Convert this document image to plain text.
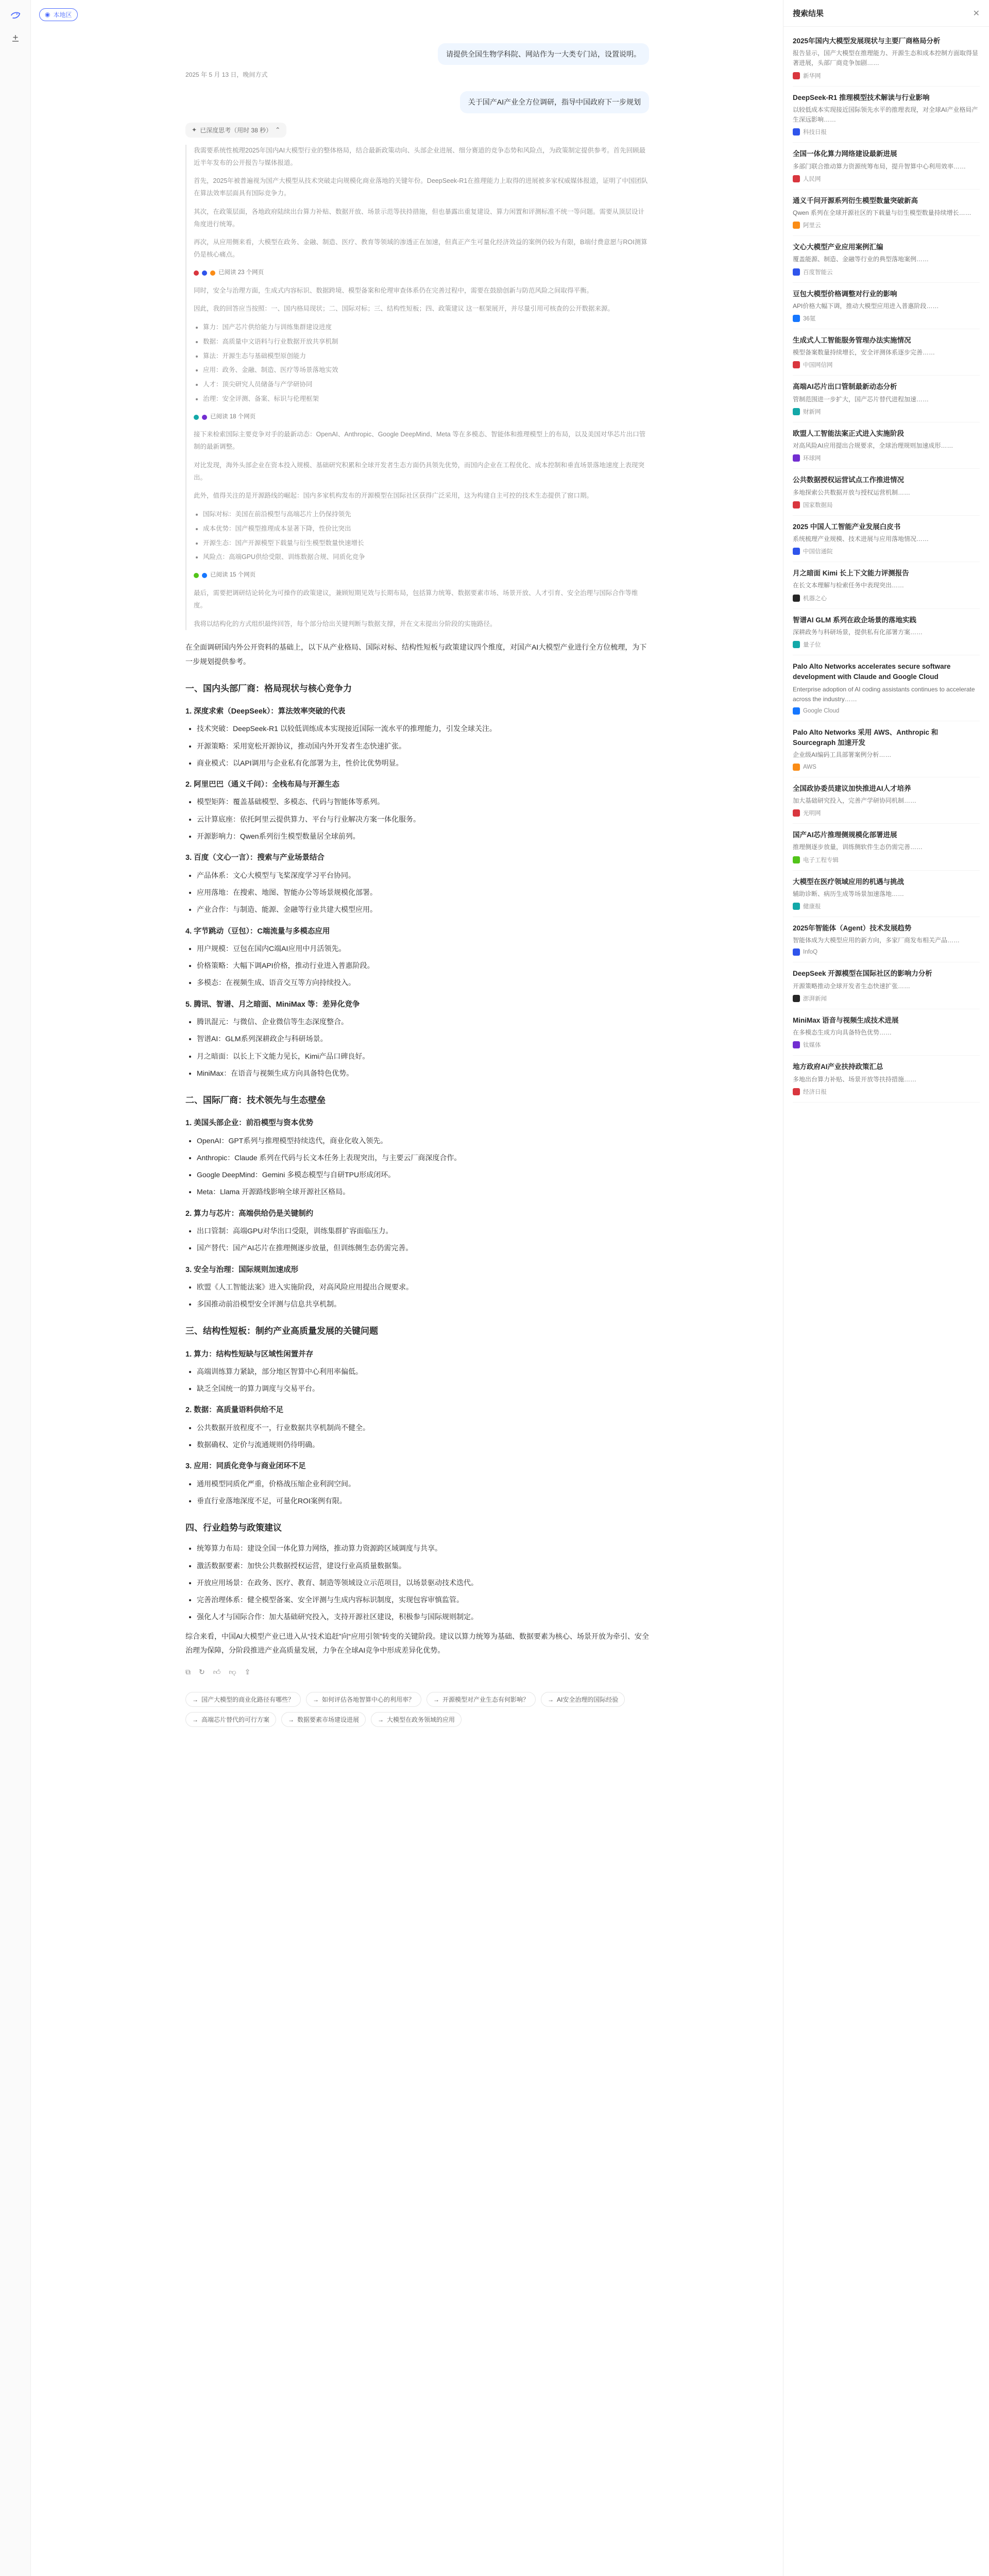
◉ 本地区
请提供全国生物学科院、网站作为一大类专门站，设置说明。
2025 年 5 月 13 日，晚间方式
关于国产AI产业全方位调研，指导中国政府下一步规划
✦ 已深度思考（用时 38 秒） ⌃

我需要系统性梳理2025年国内AI大模型行业的整体格局，结合最新政策动向、头部企业进展、细分赛道的竞争态势和风险点，为政策制定提供参考。首先回顾最近半年发布的公开报告与媒体报道。

首先，2025年被普遍视为国产大模型从技术突破走向规模化商业落地的关键年份。DeepSeek-R1在推理能力上取得的进展被多家权威媒体报道，证明了中国团队在算法效率层面具有国际竞争力。

其次，在政策层面，各地政府陆续出台算力补贴、数据开放、场景示范等扶持措施，但也暴露出重复建设、算力闲置和评测标准不统一等问题。需要从顶层设计角度进行统筹。

再次，从应用侧来看，大模型在政务、金融、制造、医疗、教育等领域的渗透正在加速，但真正产生可量化经济效益的案例仍较为有限，B端付费意愿与ROI测算仍是核心痛点。

已阅读 23 个网页

同时，安全与治理方面，生成式内容标识、数据跨境、模型备案和伦理审查体系仍在完善过程中，需要在鼓励创新与防范风险之间取得平衡。

因此，我的回答应当按照：一、国内格局现状；二、国际对标；三、结构性短板；四、政策建议 这一框架展开，并尽量引用可核查的公开数据来源。

• 算力：国产芯片供给能力与训练集群建设进度
• 数据：高质量中文语料与行业数据开放共享机制
• 算法：开源生态与基础模型原创能力
• 应用：政务、金融、制造、医疗等场景落地实效
• 人才：顶尖研究人员储备与产学研协同
• 治理：安全评测、备案、标识与伦理框架
已阅读 18 个网页

接下来检索国际主要竞争对手的最新动态：OpenAI、Anthropic、Google DeepMind、Meta 等在多模态、智能体和推理模型上的布局，以及美国对华芯片出口管制的最新调整。

对比发现，海外头部企业在资本投入规模、基础研究积累和全球开发者生态方面仍具领先优势，而国内企业在工程优化、成本控制和垂直场景落地速度上表现突出。

此外，值得关注的是开源路线的崛起：国内多家机构发布的开源模型在国际社区获得广泛采用，这为构建自主可控的技术生态提供了窗口期。

• 国际对标：美国在前沿模型与高端芯片上仍保持领先
• 成本优势：国产模型推理成本显著下降，性价比突出
• 开源生态：国产开源模型下载量与衍生模型数量快速增长
• 风险点：高端GPU供给受限、训练数据合规、同质化竞争
已阅读 15 个网页

最后，需要把调研结论转化为可操作的政策建议，兼顾短期见效与长期布局，包括算力统筹、数据要素市场、场景开放、人才引育、安全治理与国际合作等维度。

我将以结构化的方式组织最终回答，每个部分给出关键判断与数据支撑，并在文末提出分阶段的实施路径。

在全面调研国内外公开资料的基础上，以下从产业格局、国际对标、结构性短板与政策建议四个维度，对国产AI大模型产业进行全方位梳理，为下一步规划提供参考。

一、国内头部厂商：格局现状与核心竞争力
1. 深度求索（DeepSeek）：算法效率突破的代表
• 技术突破：DeepSeek-R1 以较低训练成本实现接近国际一流水平的推理能力，引发全球关注。
• 开源策略：采用宽松开源协议，推动国内外开发者生态快速扩张。
• 商业模式：以API调用与企业私有化部署为主，性价比优势明显。
2. 阿里巴巴（通义千问）：全栈布局与开源生态
• 模型矩阵：覆盖基础模型、多模态、代码与智能体等系列。
• 云计算底座：依托阿里云提供算力、平台与行业解决方案一体化服务。
• 开源影响力：Qwen系列衍生模型数量居全球前列。
3. 百度（文心一言）：搜索与产业场景结合
• 产品体系：文心大模型与飞桨深度学习平台协同。
• 应用落地：在搜索、地图、智能办公等场景规模化部署。
• 产业合作：与制造、能源、金融等行业共建大模型应用。
4. 字节跳动（豆包）：C端流量与多模态应用
• 用户规模：豆包在国内C端AI应用中月活领先。
• 价格策略：大幅下调API价格，推动行业进入普惠阶段。
• 多模态：在视频生成、语音交互等方向持续投入。
5. 腾讯、智谱、月之暗面、MiniMax 等：差异化竞争
• 腾讯混元：与微信、企业微信等生态深度整合。
• 智谱AI：GLM系列深耕政企与科研场景。
• 月之暗面：以长上下文能力见长，Kimi产品口碑良好。
• MiniMax：在语音与视频生成方向具备特色优势。
二、国际厂商：技术领先与生态壁垒
1. 美国头部企业：前沿模型与资本优势
• OpenAI：GPT系列与推理模型持续迭代，商业化收入领先。
• Anthropic：Claude 系列在代码与长文本任务上表现突出，与主要云厂商深度合作。
• Google DeepMind：Gemini 多模态模型与自研TPU形成闭环。
• Meta：Llama 开源路线影响全球开源社区格局。
2. 算力与芯片：高端供给仍是关键制约
• 出口管制：高端GPU对华出口受限，训练集群扩容面临压力。
• 国产替代：国产AI芯片在推理侧逐步放量，但训练侧生态仍需完善。
3. 安全与治理：国际规则加速成形
• 欧盟《人工智能法案》进入实施阶段，对高风险应用提出合规要求。
• 多国推动前沿模型安全评测与信息共享机制。
三、结构性短板：制约产业高质量发展的关键问题
1. 算力：结构性短缺与区域性闲置并存
• 高端训练算力紧缺，部分地区智算中心利用率偏低。
• 缺乏全国统一的算力调度与交易平台。
2. 数据：高质量语料供给不足
• 公共数据开放程度不一，行业数据共享机制尚不健全。
• 数据确权、定价与流通规则仍待明确。
3. 应用：同质化竞争与商业闭环不足
• 通用模型同质化严重，价格战压缩企业利润空间。
• 垂直行业落地深度不足，可量化ROI案例有限。
四、行业趋势与政策建议
• 统筹算力布局：建设全国一体化算力网络，推动算力资源跨区域调度与共享。
• 激活数据要素：加快公共数据授权运营，建设行业高质量数据集。
• 开放应用场景：在政务、医疗、教育、制造等领域设立示范项目，以场景驱动技术迭代。
• 完善治理体系：健全模型备案、安全评测与生成内容标识制度，实现包容审慎监管。
• 强化人才与国际合作：加大基础研究投入，支持开源社区建设，积极参与国际规则制定。

综合来看，中国AI大模型产业已进入从“技术追赶”向“应用引领”转变的关键阶段。建议以算力统筹为基础、数据要素为核心、场景开放为牵引、安全治理为保障，分阶段推进产业高质量发展，力争在全球AI竞争中形成差异化优势。

⧉ ↻ 👍︎ 👎︎ ⇪
→ 国产大模型的商业化路径有哪些？	→ 如何评估各地智算中心的利用率？	→ 开源模型对产业生态有何影响？	→ AI安全治理的国际经验
→ 高端芯片替代的可行方案	→ 数据要素市场建设进展	→ 大模型在政务领域的应用
搜索结果	✕
2025年国内大模型发展现状与主要厂商格局分析
报告显示，国产大模型在推理能力、开源生态和成本控制方面取得显著进展，头部厂商竞争加剧……
新华网
DeepSeek-R1 推理模型技术解读与行业影响
以较低成本实现接近国际领先水平的推理表现，对全球AI产业格局产生深远影响……
科技日报
全国一体化算力网络建设最新进展
多部门联合推动算力资源统筹布局，提升智算中心利用效率……
人民网
通义千问开源系列衍生模型数量突破新高
Qwen 系列在全球开源社区的下载量与衍生模型数量持续增长……
阿里云
文心大模型产业应用案例汇编
覆盖能源、制造、金融等行业的典型落地案例……
百度智能云
豆包大模型价格调整对行业的影响
API价格大幅下调，推动大模型应用进入普惠阶段……
36氪
生成式人工智能服务管理办法实施情况
模型备案数量持续增长，安全评测体系逐步完善……
中国网信网
高端AI芯片出口管制最新动态分析
管制范围进一步扩大，国产芯片替代进程加速……
财新网
欧盟人工智能法案正式进入实施阶段
对高风险AI应用提出合规要求，全球治理规则加速成形……
环球网
公共数据授权运营试点工作推进情况
多地探索公共数据开放与授权运营机制……
国家数据局
2025 中国人工智能产业发展白皮书
系统梳理产业规模、技术进展与应用落地情况……
中国信通院
月之暗面 Kimi 长上下文能力评测报告
在长文本理解与检索任务中表现突出……
机器之心
智谱AI GLM 系列在政企场景的落地实践
深耕政务与科研场景，提供私有化部署方案……
量子位
Palo Alto Networks accelerates secure software development with Claude and Google Cloud
Enterprise adoption of AI coding assistants continues to accelerate across the industry……
Google Cloud
Palo Alto Networks 采用 AWS、Anthropic 和 Sourcegraph 加速开发
企业级AI编码工具部署案例分析……
AWS
全国政协委员建议加快推进AI人才培养
加大基础研究投入，完善产学研协同机制……
光明网
国产AI芯片推理侧规模化部署进展
推理侧逐步放量，训练侧软件生态仍需完善……
电子工程专辑
大模型在医疗领域应用的机遇与挑战
辅助诊断、病历生成等场景加速落地……
健康报
2025年智能体（Agent）技术发展趋势
智能体成为大模型应用的新方向，多家厂商发布相关产品……
InfoQ
DeepSeek 开源模型在国际社区的影响力分析
开源策略推动全球开发者生态快速扩张……
澎湃新闻
MiniMax 语音与视频生成技术进展
在多模态生成方向具备特色优势……
钛媒体
地方政府AI产业扶持政策汇总
多地出台算力补贴、场景开放等扶持措施……
经济日报
